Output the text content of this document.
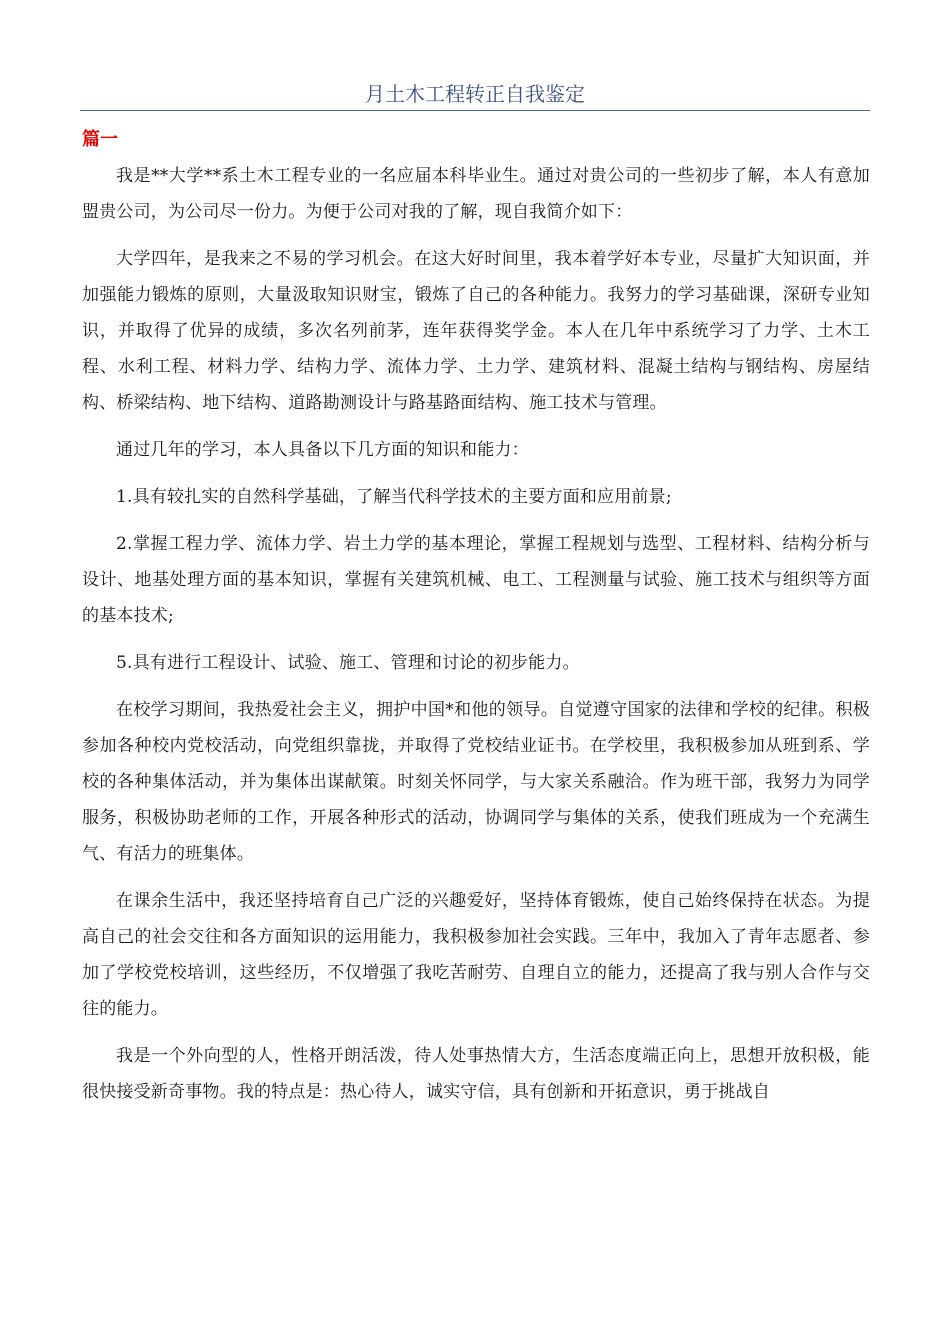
月土木工程转正自我鉴定
篇一

我是**大学**系土木工程专业的一名应届本科毕业生。通过对贵公司的一些初步了解，本人有意加盟贵公司，为公司尽一份力。为便于公司对我的了解，现自我简介如下：

大学四年，是我来之不易的学习机会。在这大好时间里，我本着学好本专业，尽量扩大知识面，并加强能力锻炼的原则，大量汲取知识财宝，锻炼了自己的各种能力。我努力的学习基础课，深研专业知识，并取得了优异的成绩，多次名列前茅，连年获得奖学金。本人在几年中系统学习了力学、土木工程、水利工程、材料力学、结构力学、流体力学、土力学、建筑材料、混凝土结构与钢结构、房屋结构、桥梁结构、地下结构、道路勘测设计与路基路面结构、施工技术与管理。

通过几年的学习，本人具备以下几方面的知识和能力：

1.具有较扎实的自然科学基础，了解当代科学技术的主要方面和应用前景;

2.掌握工程力学、流体力学、岩土力学的基本理论，掌握工程规划与选型、工程材料、结构分析与设计、地基处理方面的基本知识，掌握有关建筑机械、电工、工程测量与试验、施工技术与组织等方面的基本技术;

5.具有进行工程设计、试验、施工、管理和讨论的初步能力。

在校学习期间，我热爱社会主义，拥护中国*和他的领导。自觉遵守国家的法律和学校的纪律。积极参加各种校内党校活动，向党组织靠拢，并取得了党校结业证书。在学校里，我积极参加从班到系、学校的各种集体活动，并为集体出谋献策。时刻关怀同学，与大家关系融洽。作为班干部，我努力为同学服务，积极协助老师的工作，开展各种形式的活动，协调同学与集体的关系，使我们班成为一个充满生气、有活力的班集体。

在课余生活中，我还坚持培育自己广泛的兴趣爱好，坚持体育锻炼，使自己始终保持在状态。为提高自己的社会交往和各方面知识的运用能力，我积极参加社会实践。三年中，我加入了青年志愿者、参加了学校党校培训，这些经历，不仅增强了我吃苦耐劳、自理自立的能力，还提高了我与别人合作与交往的能力。

我是一个外向型的人，性格开朗活泼，待人处事热情大方，生活态度端正向上，思想开放积极，能很快接受新奇事物。我的特点是：热心待人，诚实守信，具有创新和开拓意识，勇于挑战自
